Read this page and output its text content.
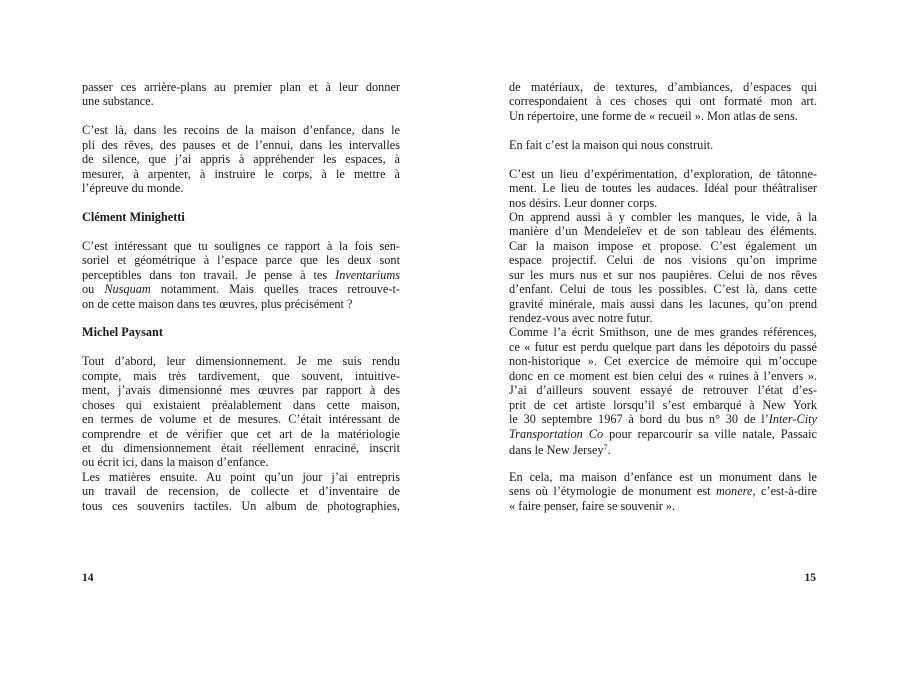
passer ces arrière-plans au premier plan et à leur donner
une substance.
C’est là, dans les recoins de la maison d’enfance, dans le
pli des rêves, des pauses et de l’ennui, dans les intervalles
de silence, que j’ai appris à appréhender les espaces, à
mesurer, à arpenter, à instruire le corps, à le mettre à
l’épreuve du monde.
Clément Minighetti
C’est intéressant que tu soulignes ce rapport à la fois sen-
soriel et géométrique à l’espace parce que les deux sont
perceptibles dans ton travail. Je pense à tes Inventariums
ou Nusquam notamment. Mais quelles traces retrouve-t-
on de cette maison dans tes œuvres, plus précisément ?
Michel Paysant
Tout d’abord, leur dimensionnement. Je me suis rendu
compte, mais très tardivement, que souvent, intuitive-
ment, j’avais dimensionné mes œuvres par rapport à des
choses qui existaient préalablement dans cette maison,
en termes de volume et de mesures. C’était intéressant de
comprendre et de vérifier que cet art de la matériologie
et du dimensionnement était réellement enraciné, inscrit
ou écrit ici, dans la maison d’enfance.
Les matières ensuite. Au point qu’un jour j’ai entrepris
un travail de recension, de collecte et d’inventaire de
tous ces souvenirs tactiles. Un album de photographies,
de matériaux, de textures, d’ambiances, d’espaces qui
correspondaient à ces choses qui ont formaté mon art.
Un répertoire, une forme de « recueil ». Mon atlas de sens.
En fait c’est la maison qui nous construit.
C’est un lieu d’expérimentation, d’exploration, de tâtonne-
ment. Le lieu de toutes les audaces. Idéal pour théâtraliser
nos désirs. Leur donner corps.
On apprend aussi à y combler les manques, le vide, à la
manière d’un Mendeleïev et de son tableau des éléments.
Car la maison impose et propose. C’est également un
espace projectif. Celui de nos visions qu’on imprime
sur les murs nus et sur nos paupières. Celui de nos rêves
d’enfant. Celui de tous les possibles. C’est là, dans cette
gravité minérale, mais aussi dans les lacunes, qu’on prend
rendez-vous avec notre futur.
Comme l’a écrit Smithson, une de mes grandes références,
ce « futur est perdu quelque part dans les dépotoirs du passé
non-historique ». Cet exercice de mémoire qui m’occupe
donc en ce moment est bien celui des « ruines à l’envers ».
J’ai d’ailleurs souvent essayé de retrouver l’état d’es-
prit de cet artiste lorsqu’il s’est embarqué à New York
le 30 septembre 1967 à bord du bus n° 30 de l’Inter-City
Transportation Co pour reparcourir sa ville natale, Passaic
dans le New Jersey$^7$.
En cela, ma maison d’enfance est un monument dans le
sens où l’étymologie de monument est monere, c’est-à-dire
« faire penser, faire se souvenir ».
14	15
